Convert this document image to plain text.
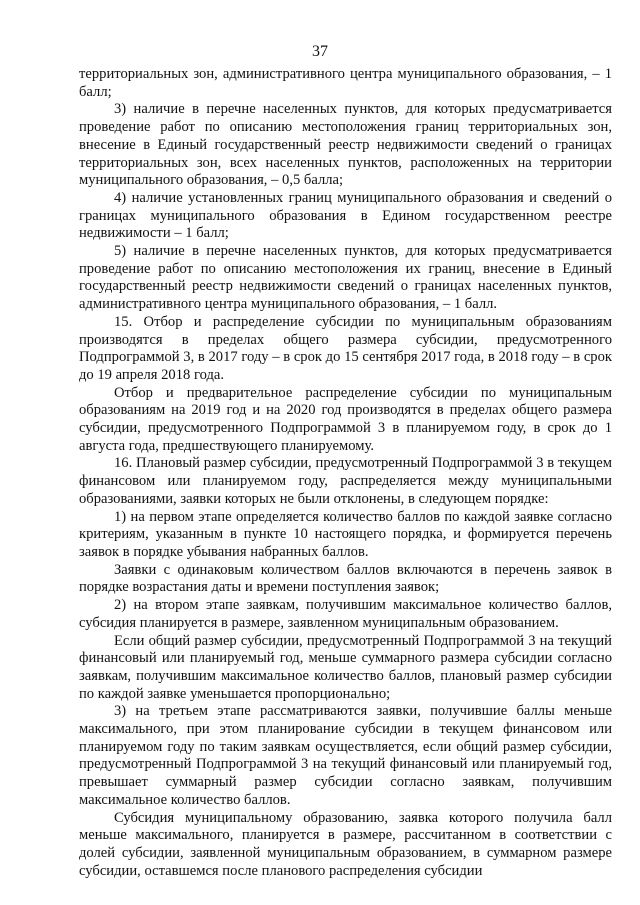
37

территориальных зон, административного центра муниципального образования, – 1 балл;

3) наличие в перечне населенных пунктов, для которых предусматривается проведение работ по описанию местоположения границ территориальных зон, внесение в Единый государственный реестр недвижимости сведений о границах территориальных зон, всех населенных пунктов, расположенных на территории муниципального образования, – 0,5 балла;

4) наличие установленных границ муниципального образования и сведений о границах муниципального образования в Едином государственном реестре недвижимости – 1 балл;

5) наличие в перечне населенных пунктов, для которых предусматривается проведение работ по описанию местоположения их границ, внесение в Единый государственный реестр недвижимости сведений о границах населенных пунктов, административного центра муниципального образования, – 1 балл.

15. Отбор и распределение субсидии по муниципальным образованиям производятся в пределах общего размера субсидии, предусмотренного Подпрограммой 3, в 2017 году – в срок до 15 сентября 2017 года, в 2018 году – в срок до 19 апреля 2018 года.

Отбор и предварительное распределение субсидии по муниципальным образованиям на 2019 год и на 2020 год производятся в пределах общего размера субсидии, предусмотренного Подпрограммой 3 в планируемом году, в срок до 1 августа года, предшествующего планируемому.

16. Плановый размер субсидии, предусмотренный Подпрограммой 3 в текущем финансовом или планируемом году, распределяется между муниципальными образованиями, заявки которых не были отклонены, в следующем порядке:

1) на первом этапе определяется количество баллов по каждой заявке согласно критериям, указанным в пункте 10 настоящего порядка, и формируется перечень заявок в порядке убывания набранных баллов.

Заявки с одинаковым количеством баллов включаются в перечень заявок в порядке возрастания даты и времени поступления заявок;

2) на втором этапе заявкам, получившим максимальное количество баллов, субсидия планируется в размере, заявленном муниципальным образованием.

Если общий размер субсидии, предусмотренный Подпрограммой 3 на текущий финансовый или планируемый год, меньше суммарного размера субсидии согласно заявкам, получившим максимальное количество баллов, плановый размер субсидии по каждой заявке уменьшается пропорционально;

3) на третьем этапе рассматриваются заявки, получившие баллы меньше максимального, при этом планирование субсидии в текущем финансовом или планируемом году по таким заявкам осуществляется, если общий размер субсидии, предусмотренный Подпрограммой 3 на текущий финансовый или планируемый год, превышает суммарный размер субсидии согласно заявкам, получившим максимальное количество баллов.

Субсидия муниципальному образованию, заявка которого получила балл меньше максимального, планируется в размере, рассчитанном в соответствии с долей субсидии, заявленной муниципальным образованием, в суммарном размере субсидии, оставшемся после планового распределения субсидии
